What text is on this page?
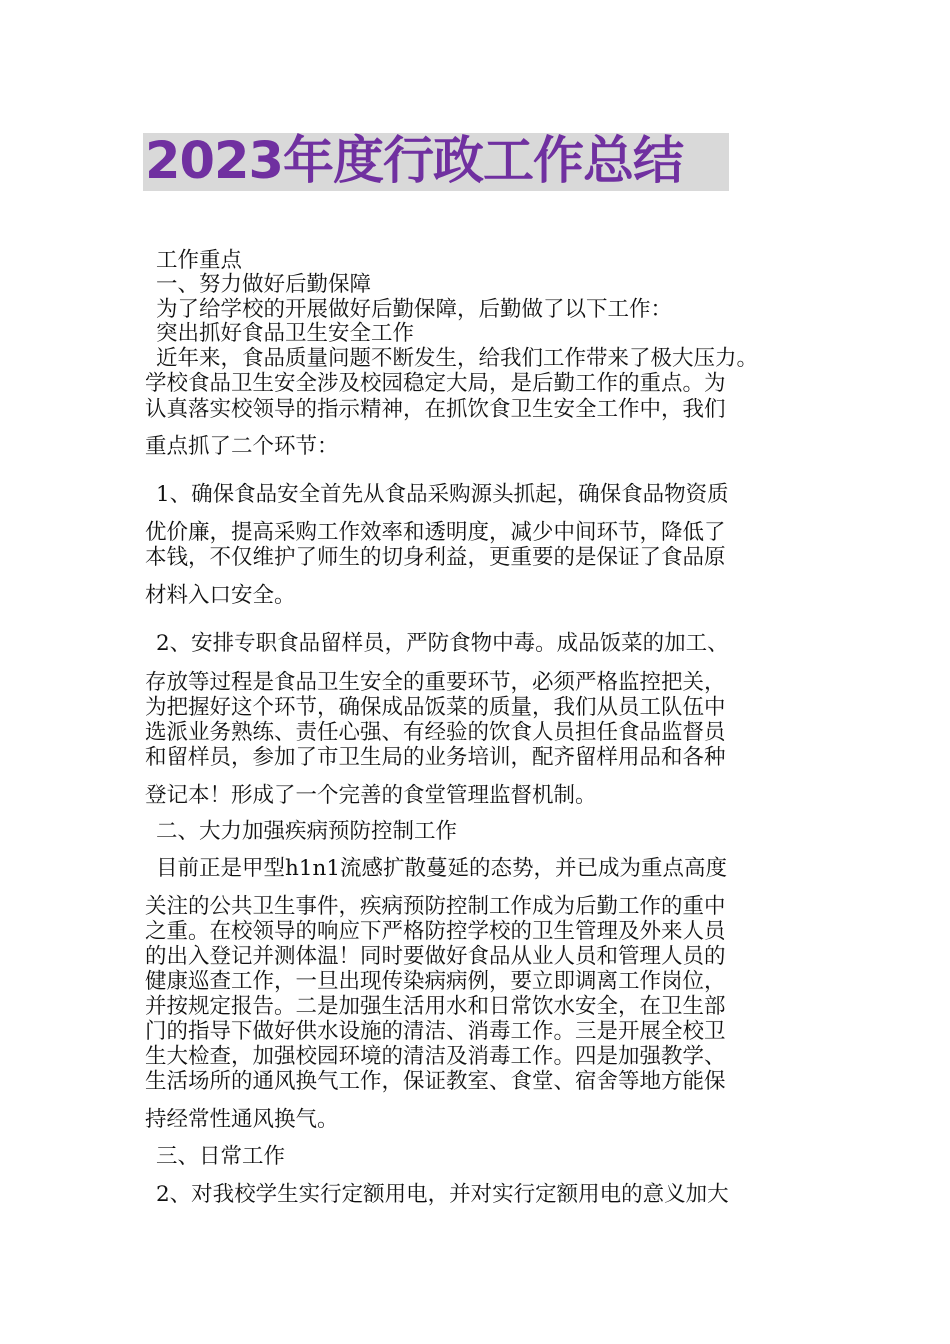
2023年度行政工作总结
工作重点
一、努力做好后勤保障
为了给学校的开展做好后勤保障，后勤做了以下工作：
突出抓好食品卫生安全工作
近年来，食品质量问题不断发生，给我们工作带来了极大压力。
学校食品卫生安全涉及校园稳定大局，是后勤工作的重点。为
认真落实校领导的指示精神，在抓饮食卫生安全工作中，我们
重点抓了二个环节：
1、确保食品安全首先从食品采购源头抓起，确保食品物资质
优价廉，提高采购工作效率和透明度，减少中间环节，降低了
本钱，不仅维护了师生的切身利益，更重要的是保证了食品原
材料入口安全。
2、安排专职食品留样员，严防食物中毒。成品饭菜的加工、
存放等过程是食品卫生安全的重要环节，必须严格监控把关，
为把握好这个环节，确保成品饭菜的质量，我们从员工队伍中
选派业务熟练、责任心强、有经验的饮食人员担任食品监督员
和留样员，参加了市卫生局的业务培训，配齐留样用品和各种
登记本！形成了一个完善的食堂管理监督机制。
二、大力加强疾病预防控制工作
目前正是甲型h1n1流感扩散蔓延的态势，并已成为重点高度
关注的公共卫生事件，疾病预防控制工作成为后勤工作的重中
之重。在校领导的响应下严格防控学校的卫生管理及外来人员
的出入登记并测体温！同时要做好食品从业人员和管理人员的
健康巡查工作，一旦出现传染病病例，要立即调离工作岗位，
并按规定报告。二是加强生活用水和日常饮水安全，在卫生部
门的指导下做好供水设施的清洁、消毒工作。三是开展全校卫
生大检查，加强校园环境的清洁及消毒工作。四是加强教学、
生活场所的通风换气工作，保证教室、食堂、宿舍等地方能保
持经常性通风换气。
三、日常工作
2、对我校学生实行定额用电，并对实行定额用电的意义加大
